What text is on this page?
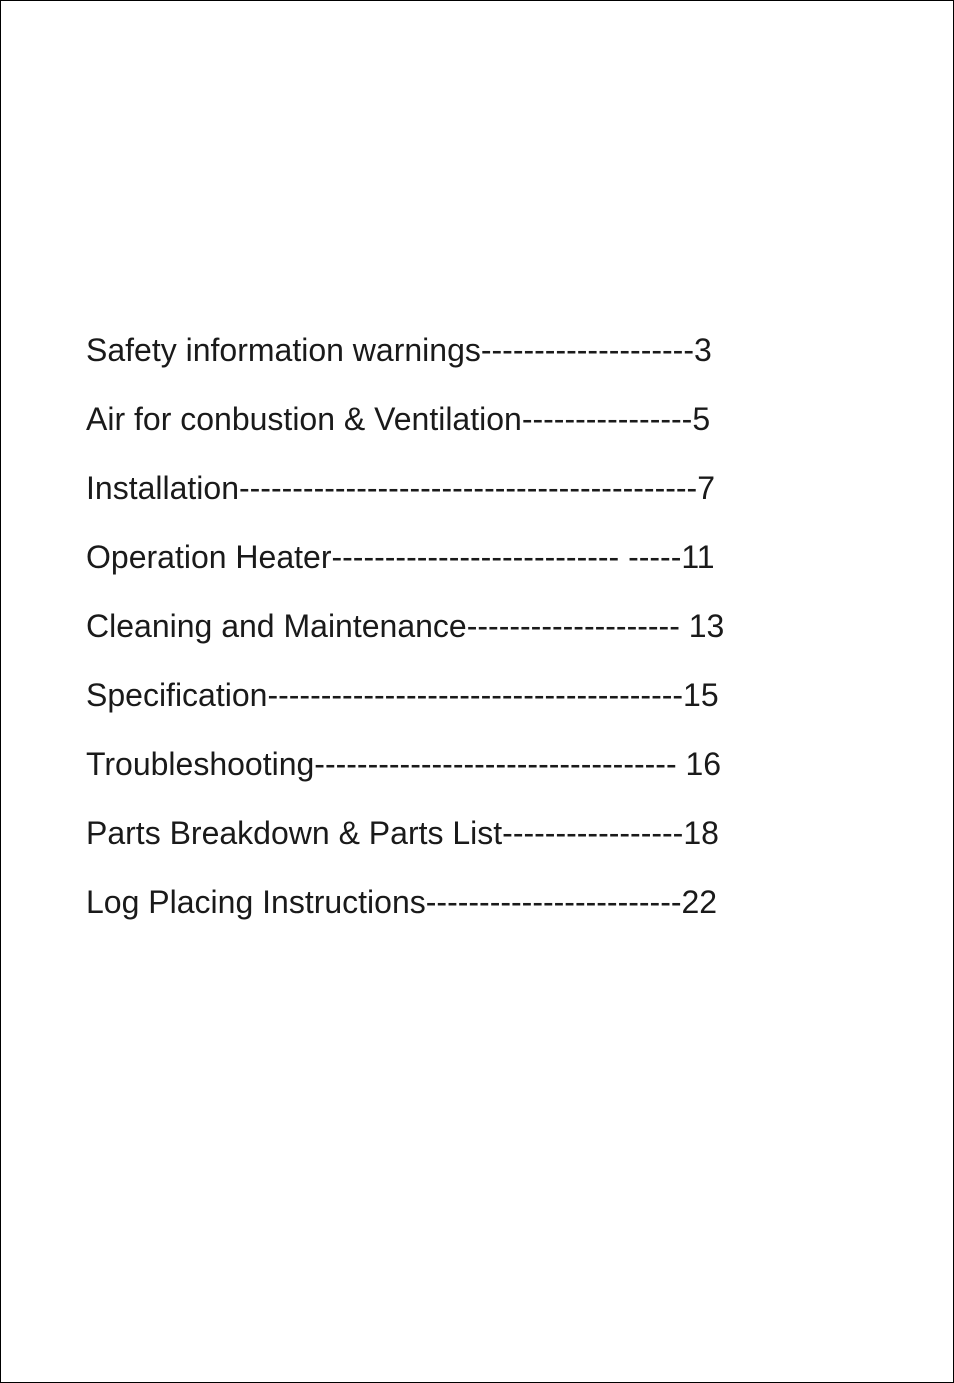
Safety information warnings--------------------3
Air for conbustion & Ventilation----------------5
Installation-------------------------------------------7
Operation Heater--------------------------- -----11
Cleaning and Maintenance-------------------- 13
Specification---------------------------------------15
Troubleshooting---------------------------------- 16
Parts Breakdown & Parts List-----------------18
Log Placing Instructions------------------------22
